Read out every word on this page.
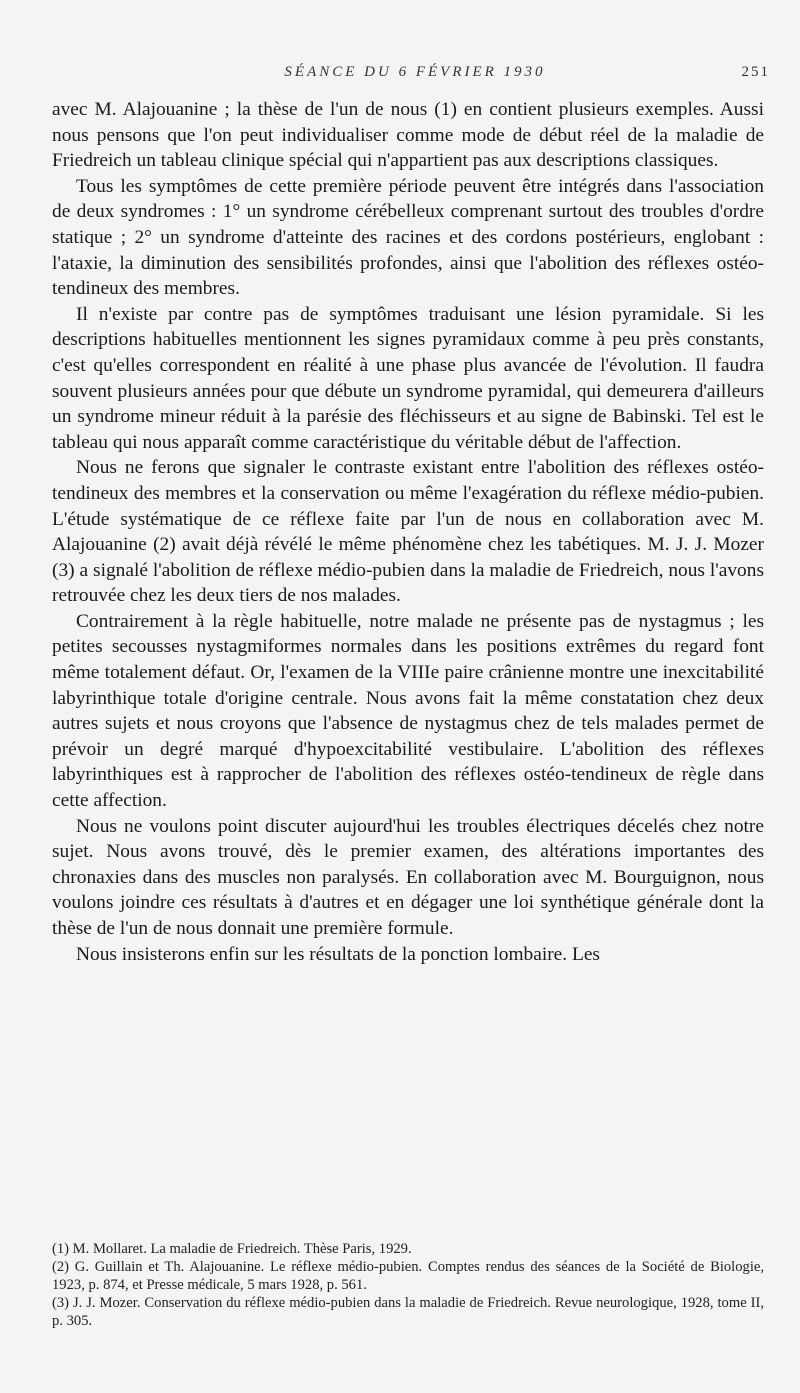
SÉANCE DU 6 FÉVRIER 1930	251

avec M. Alajouanine ; la thèse de l'un de nous (1) en contient plusieurs exemples. Aussi nous pensons que l'on peut individualiser comme mode de début réel de la maladie de Friedreich un tableau clinique spécial qui n'appartient pas aux descriptions classiques.

Tous les symptômes de cette première période peuvent être intégrés dans l'association de deux syndromes : 1° un syndrome cérébelleux comprenant surtout des troubles d'ordre statique ; 2° un syndrome d'atteinte des racines et des cordons postérieurs, englobant : l'ataxie, la diminution des sensibilités profondes, ainsi que l'abolition des réflexes ostéo-tendineux des membres.

Il n'existe par contre pas de symptômes traduisant une lésion pyramidale. Si les descriptions habituelles mentionnent les signes pyramidaux comme à peu près constants, c'est qu'elles correspondent en réalité à une phase plus avancée de l'évolution. Il faudra souvent plusieurs années pour que débute un syndrome pyramidal, qui demeurera d'ailleurs un syndrome mineur réduit à la parésie des fléchisseurs et au signe de Babinski. Tel est le tableau qui nous apparaît comme caractéristique du véritable début de l'affection.

Nous ne ferons que signaler le contraste existant entre l'abolition des réflexes ostéo-tendineux des membres et la conservation ou même l'exagération du réflexe médio-pubien. L'étude systématique de ce réflexe faite par l'un de nous en collaboration avec M. Alajouanine (2) avait déjà révélé le même phénomène chez les tabétiques. M. J. J. Mozer (3) a signalé l'abolition de réflexe médio-pubien dans la maladie de Friedreich, nous l'avons retrouvée chez les deux tiers de nos malades.

Contrairement à la règle habituelle, notre malade ne présente pas de nystagmus ; les petites secousses nystagmiformes normales dans les positions extrêmes du regard font même totalement défaut. Or, l'examen de la VIIIe paire crânienne montre une inexcitabilité labyrinthique totale d'origine centrale. Nous avons fait la même constatation chez deux autres sujets et nous croyons que l'absence de nystagmus chez de tels malades permet de prévoir un degré marqué d'hypoexcitabilité vestibulaire. L'abolition des réflexes labyrinthiques est à rapprocher de l'abolition des réflexes ostéo-tendineux de règle dans cette affection.

Nous ne voulons point discuter aujourd'hui les troubles électriques décelés chez notre sujet. Nous avons trouvé, dès le premier examen, des altérations importantes des chronaxies dans des muscles non paralysés. En collaboration avec M. Bourguignon, nous voulons joindre ces résultats à d'autres et en dégager une loi synthétique générale dont la thèse de l'un de nous donnait une première formule.

Nous insisterons enfin sur les résultats de la ponction lombaire. Les

(1) M. Mollaret. La maladie de Friedreich. Thèse Paris, 1929.

(2) G. Guillain et Th. Alajouanine. Le réflexe médio-pubien. Comptes rendus des séances de la Société de Biologie, 1923, p. 874, et Presse médicale, 5 mars 1928, p. 561.

(3) J. J. Mozer. Conservation du réflexe médio-pubien dans la maladie de Friedreich. Revue neurologique, 1928, tome II, p. 305.
